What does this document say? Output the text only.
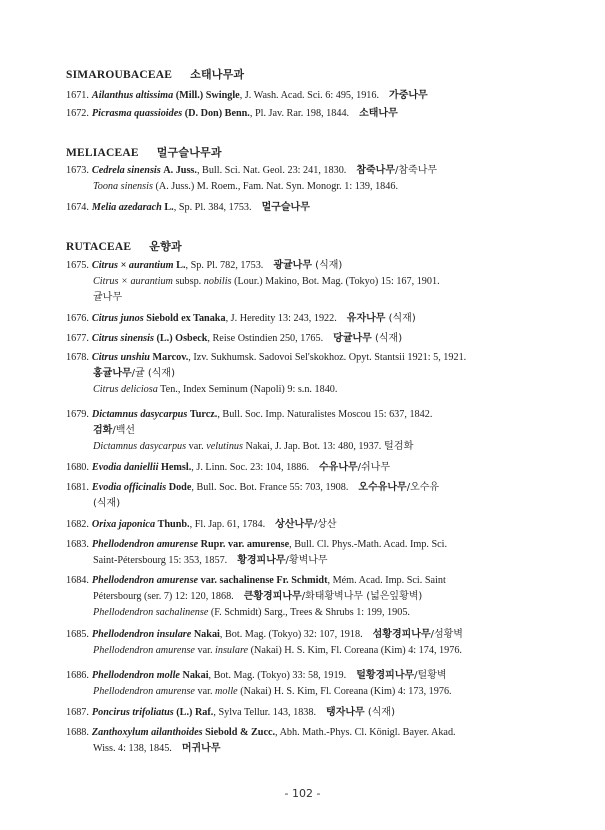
SIMAROUBACEAE 소태나무과
MELIACEAE 멀구슬나무과
RUTACEAE 운향과
1671. Ailanthus altissima (Mill.) Swingle, J. Wash. Acad. Sci. 6: 495, 1916. 가중나무
1672. Picrasma quassioides (D. Don) Benn., Pl. Jav. Rar. 198, 1844. 소태나무
1673. Cedrela sinensis A. Juss., Bull. Sci. Nat. Geol. 23: 241, 1830. 참죽나무/참죽나무
Toona sinensis (A. Juss.) M. Roem., Fam. Nat. Syn. Monogr. 1: 139, 1846.
1674. Melia azedarach L., Sp. Pl. 384, 1753. 멀구슬나무
1675. Citrus × aurantium L., Sp. Pl. 782, 1753. 광귤나무 (식재)
Citrus × aurantium subsp. nobilis (Lour.) Makino, Bot. Mag. (Tokyo) 15: 167, 1901.
귤나무
1676. Citrus junos Siebold ex Tanaka, J. Heredity 13: 243, 1922. 유자나무 (식재)
1677. Citrus sinensis (L.) Osbeck, Reise Ostindien 250, 1765. 당귤나무 (식재)
1678. Citrus unshiu Marcov., Izv. Sukhumsk. Sadovoi Sel'skokhoz. Opyt. Stantsii 1921: 5, 1921.
홍귤나무/귤 (식재)
Citrus deliciosa Ten., Index Seminum (Napoli) 9: s.n. 1840.
1679. Dictamnus dasycarpus Turcz., Bull. Soc. Imp. Naturalistes Moscou 15: 637, 1842.
검화/백선
Dictamnus dasycarpus var. velutinus Nakai, J. Jap. Bot. 13: 480, 1937. 털검화
1680. Evodia daniellii Hemsl., J. Linn. Soc. 23: 104, 1886. 수유나무/쉬나무
1681. Evodia officinalis Dode, Bull. Soc. Bot. France 55: 703, 1908. 오수유나무/오수유
(식재)
1682. Orixa japonica Thunb., Fl. Jap. 61, 1784. 상산나무/상산
1683. Phellodendron amurense Rupr. var. amurense, Bull. Cl. Phys.-Math. Acad. Imp. Sci.
Saint-Pétersbourg 15: 353, 1857. 황경피나무/황벽나무
1684. Phellodendron amurense var. sachalinense Fr. Schmidt, Mém. Acad. Imp. Sci. Saint
Pétersbourg (ser. 7) 12: 120, 1868. 큰황경피나무/화태황벽나무 (넓은잎황벽)
Phellodendron sachalinense (F. Schmidt) Sarg., Trees & Shrubs 1: 199, 1905.
1685. Phellodendron insulare Nakai, Bot. Mag. (Tokyo) 32: 107, 1918. 섬황경피나무/섬황벽
Phellodendron amurense var. insulare (Nakai) H. S. Kim, Fl. Coreana (Kim) 4: 174, 1976.
1686. Phellodendron molle Nakai, Bot. Mag. (Tokyo) 33: 58, 1919. 털황경피나무/털황벽
Phellodendron amurense var. molle (Nakai) H. S. Kim, Fl. Coreana (Kim) 4: 173, 1976.
1687. Poncirus trifoliatus (L.) Raf., Sylva Tellur. 143, 1838. 탱자나무 (식재)
1688. Zanthoxylum ailanthoides Siebold & Zucc., Abh. Math.-Phys. Cl. Königl. Bayer. Akad.
Wiss. 4: 138, 1845. 머귀나무
- 102 -
